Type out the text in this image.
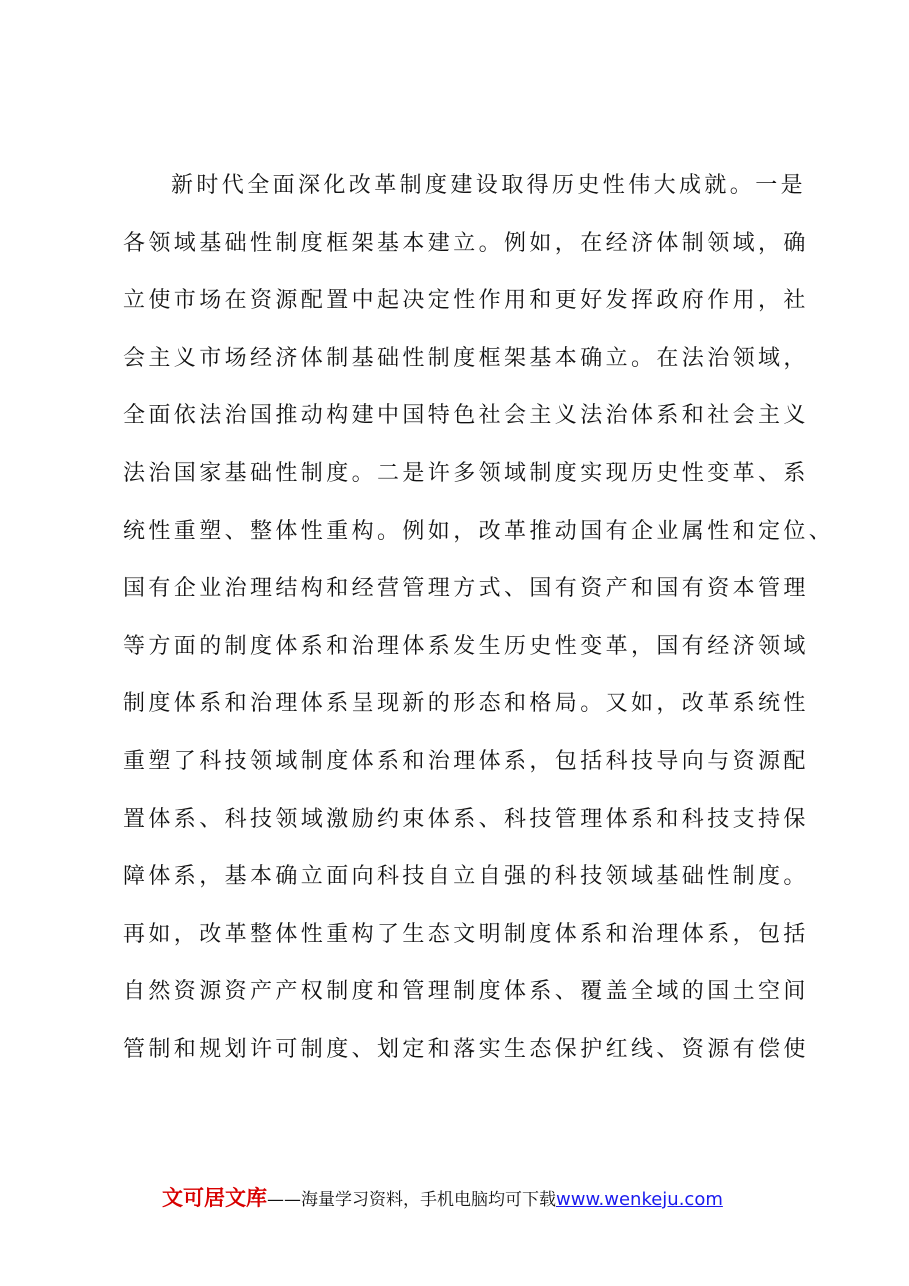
新时代全面深化改革制度建设取得历史性伟大成就。一是
各领域基础性制度框架基本建立。例如，在经济体制领域，确
立使市场在资源配置中起决定性作用和更好发挥政府作用，社
会主义市场经济体制基础性制度框架基本确立。在法治领域，
全面依法治国推动构建中国特色社会主义法治体系和社会主义
法治国家基础性制度。二是许多领域制度实现历史性变革、系
统性重塑、整体性重构。例如，改革推动国有企业属性和定位、
国有企业治理结构和经营管理方式、国有资产和国有资本管理
等方面的制度体系和治理体系发生历史性变革，国有经济领域
制度体系和治理体系呈现新的形态和格局。又如，改革系统性
重塑了科技领域制度体系和治理体系，包括科技导向与资源配
置体系、科技领域激励约束体系、科技管理体系和科技支持保
障体系，基本确立面向科技自立自强的科技领域基础性制度。
再如，改革整体性重构了生态文明制度体系和治理体系，包括
自然资源资产产权制度和管理制度体系、覆盖全域的国土空间
管制和规划许可制度、划定和落实生态保护红线、资源有偿使
文可居文库——海量学习资料，手机电脑均可下载www.wenkeju.com
